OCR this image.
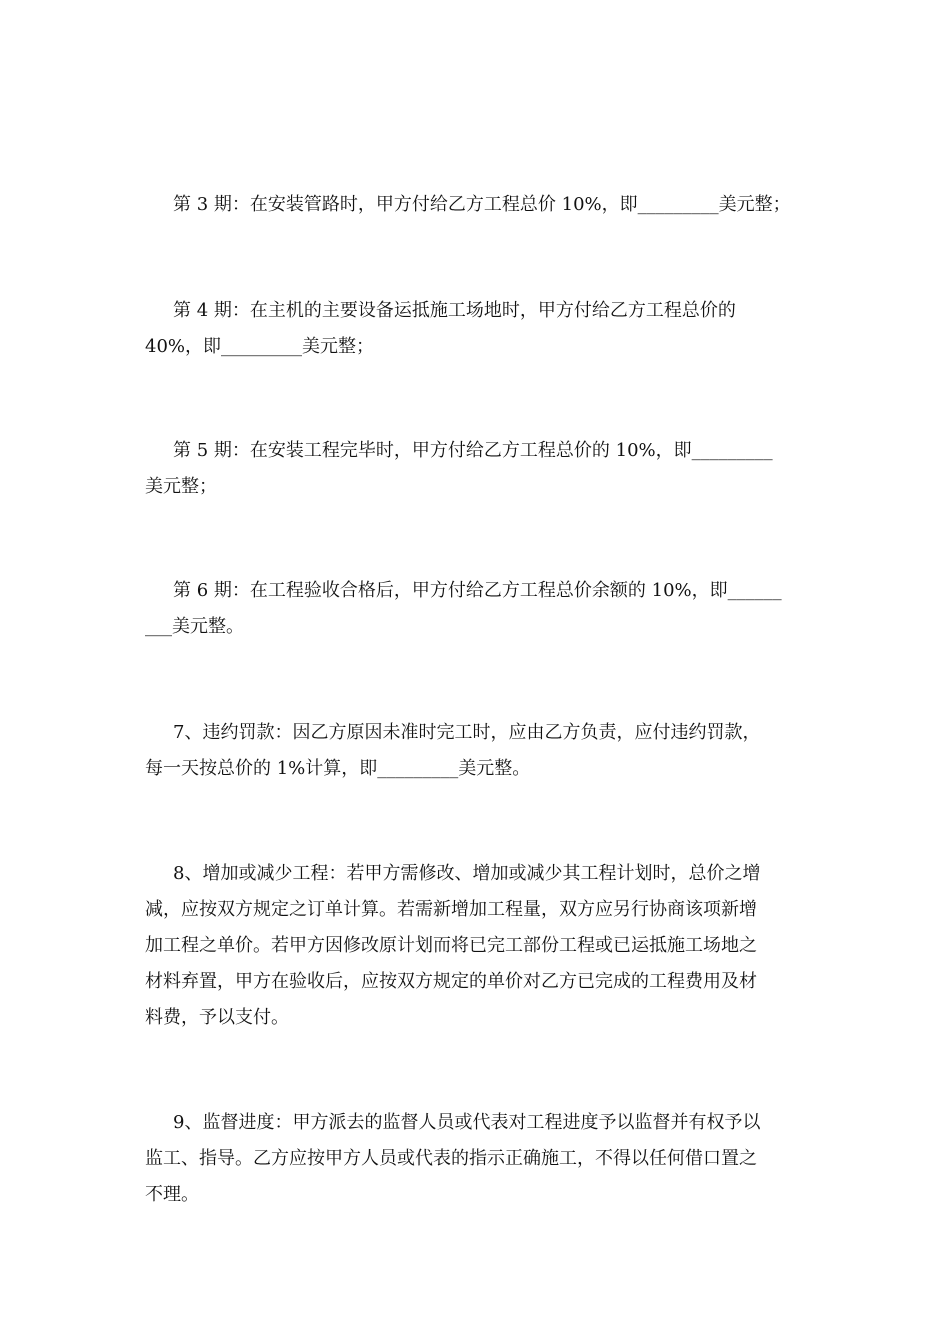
第 3 期：在安装管路时，甲方付给乙方工程总价 10%，即_________美元整；
第 4 期：在主机的主要设备运抵施工场地时，甲方付给乙方工程总价的
40%，即_________美元整；
第 5 期：在安装工程完毕时，甲方付给乙方工程总价的 10%，即_________
美元整；
第 6 期：在工程验收合格后，甲方付给乙方工程总价余额的 10%，即______
___美元整。
7、违约罚款：因乙方原因未准时完工时，应由乙方负责，应付违约罚款，
每一天按总价的 1%计算，即_________美元整。
8、增加或减少工程：若甲方需修改、增加或减少其工程计划时，总价之增
减，应按双方规定之订单计算。若需新增加工程量，双方应另行协商该项新增
加工程之单价。若甲方因修改原计划而将已完工部份工程或已运抵施工场地之
材料弃置，甲方在验收后，应按双方规定的单价对乙方已完成的工程费用及材
料费，予以支付。
9、监督进度：甲方派去的监督人员或代表对工程进度予以监督并有权予以
监工、指导。乙方应按甲方人员或代表的指示正确施工，不得以任何借口置之
不理。
